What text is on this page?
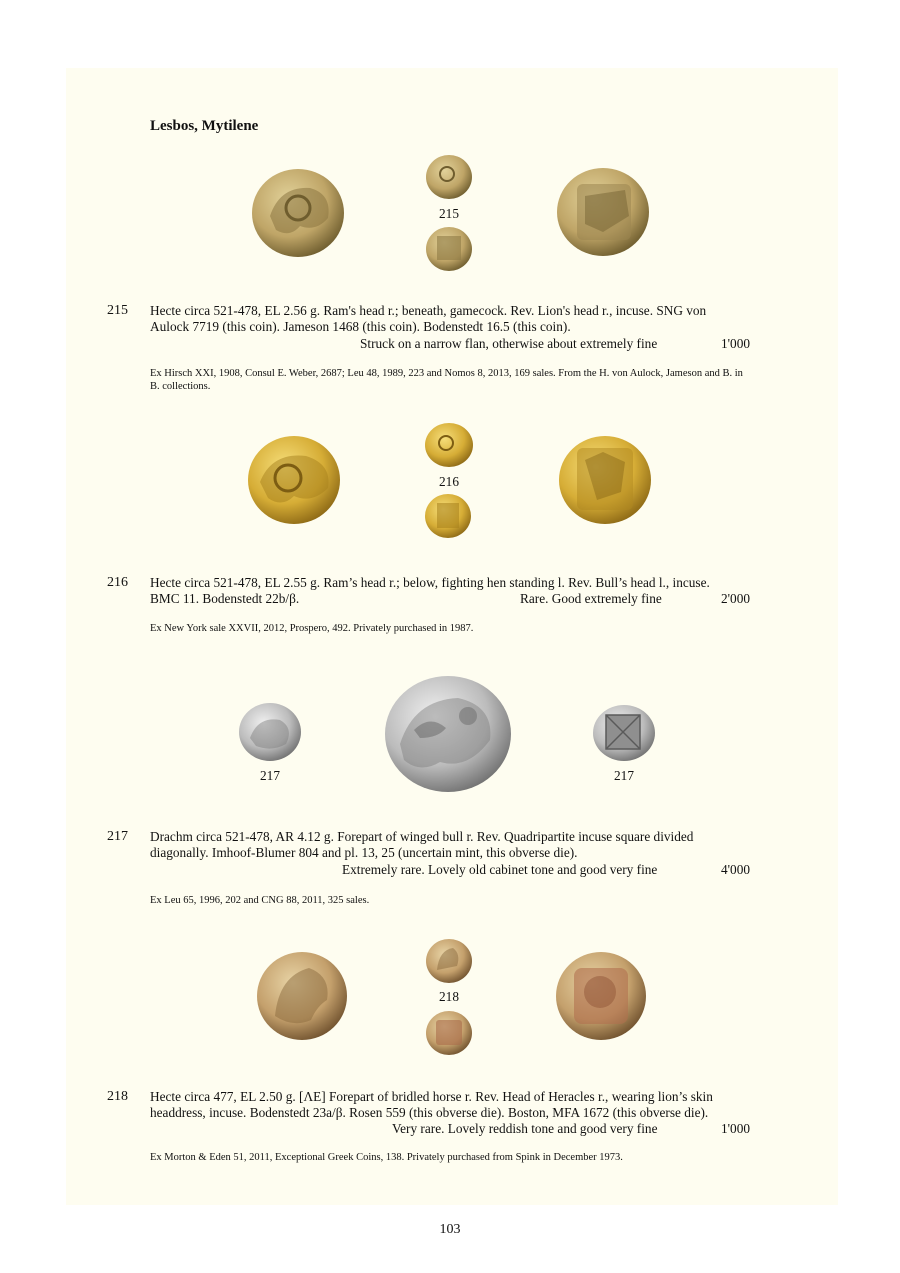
Lesbos, Mytilene
215
215 Hecte circa 521-478, EL 2.56 g. Ram's head r.; beneath, gamecock. Rev. Lion's head r., incuse. SNG von
Aulock 7719 (this coin). Jameson 1468 (this coin). Bodenstedt 16.5 (this coin).
Struck on a narrow flan, otherwise about extremely fine	1'000
Ex Hirsch XXI, 1908, Consul E. Weber, 2687; Leu 48, 1989, 223 and Nomos 8, 2013, 169 sales. From the H. von Aulock, Jameson and B. in B. collections.
216
216 Hecte circa 521-478, EL 2.55 g. Ram’s head r.; below, fighting hen standing l. Rev. Bull’s head l., incuse.
BMC 11. Bodenstedt 22b/β.	Rare. Good extremely fine	2'000
Ex New York sale XXVII, 2012, Prospero, 492. Privately purchased in 1987.
217	217
217 Drachm circa 521-478, AR 4.12 g. Forepart of winged bull r. Rev. Quadripartite incuse square divided
diagonally. Imhoof-Blumer 804 and pl. 13, 25 (uncertain mint, this obverse die).
Extremely rare. Lovely old cabinet tone and good very fine	4'000
Ex Leu 65, 1996, 202 and CNG 88, 2011, 325 sales.
218
218 Hecte circa 477, EL 2.50 g. [ΛE] Forepart of bridled horse r. Rev. Head of Heracles r., wearing lion’s skin
headdress, incuse. Bodenstedt 23a/β. Rosen 559 (this obverse die). Boston, MFA 1672 (this obverse die).
Very rare. Lovely reddish tone and good very fine	1'000
Ex Morton & Eden 51, 2011, Exceptional Greek Coins, 138. Privately purchased from Spink in December 1973.
103
